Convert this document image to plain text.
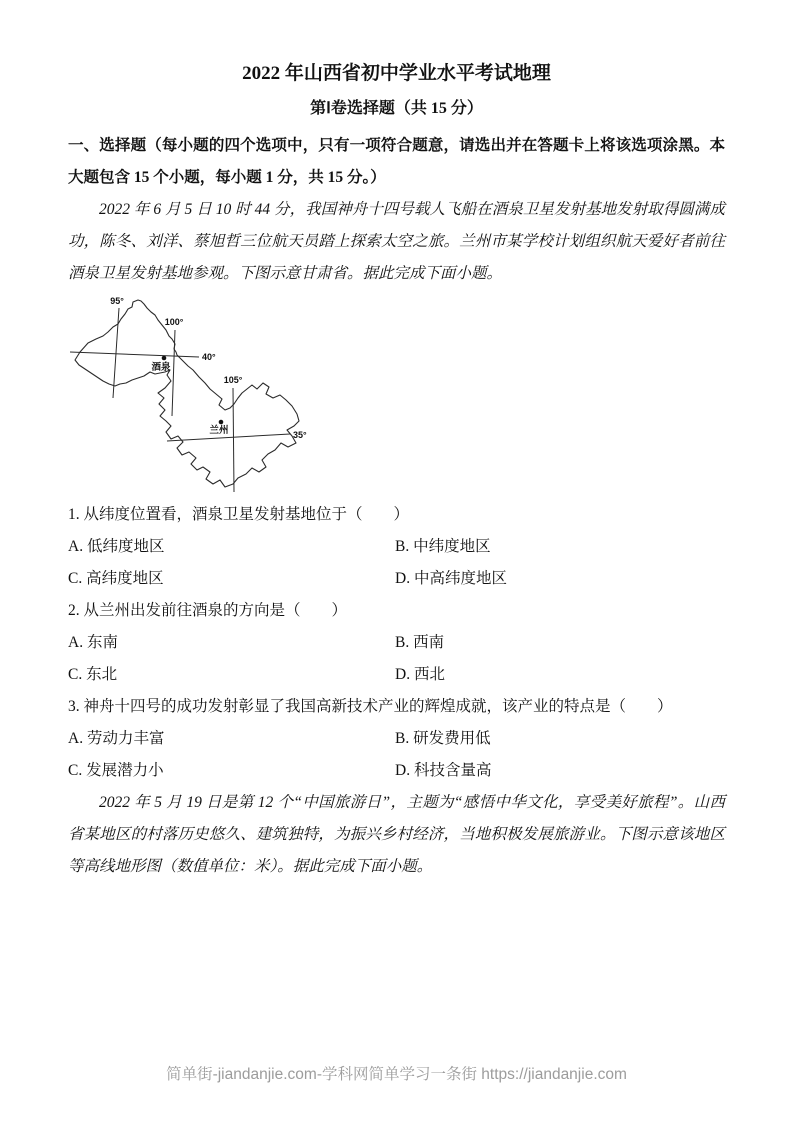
2022 年山西省初中学业水平考试地理
第Ⅰ卷选择题（共 15 分）

一、选择题（每小题的四个选项中，只有一项符合题意，请选出并在答题卡上将该选项涂黑。本大题包含 15 个小题，每小题 1 分，共 15 分。）

2022 年 6 月 5 日 10 时 44 分，我国神舟十四号载人飞船在酒泉卫星发射基地发射取得圆满成功，陈冬、刘洋、蔡旭哲三位航天员踏上探索太空之旅。兰州市某学校计划组织航天爱好者前往酒泉卫星发射基地参观。下图示意甘肃省。据此完成下面小题。

95°
100°
105°
40°
35°
酒泉
兰州

1. 从纬度位置看，酒泉卫星发射基地位于（　　）

A. 低纬度地区	B. 中纬度地区
C. 高纬度地区	D. 中高纬度地区

2. 从兰州出发前往酒泉的方向是（　　）

A. 东南	B. 西南
C. 东北	D. 西北

3. 神舟十四号的成功发射彰显了我国高新技术产业的辉煌成就，该产业的特点是（　　）

A. 劳动力丰富	B. 研发费用低
C. 发展潜力小	D. 科技含量高

2022 年 5 月 19 日是第 12 个“中国旅游日”，主题为“感悟中华文化，享受美好旅程”。山西省某地区的村落历史悠久、建筑独特，为振兴乡村经济，当地积极发展旅游业。下图示意该地区等高线地形图（数值单位：米）。据此完成下面小题。

简单街-jiandanjie.com-学科网简单学习一条街 https://jiandanjie.com
